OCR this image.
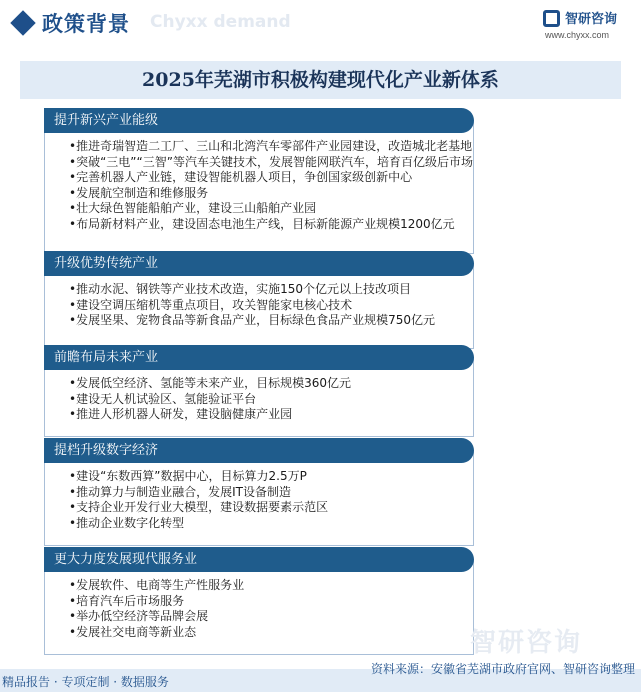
政策背景 Chyxx demand	智研咨询
www.chyxx.com
2025年芜湖市积极构建现代化产业新体系
提升新兴产业能级
•推进奇瑞智造二工厂、三山和北湾汽车零部件产业园建设，改造城北老基地
•突破“三电”“三智”等汽车关键技术，发展智能网联汽车，培育百亿级后市场
•完善机器人产业链，建设智能机器人项目，争创国家级创新中心
•发展航空制造和维修服务
•壮大绿色智能船舶产业，建设三山船舶产业园
•布局新材料产业，建设固态电池生产线，目标新能源产业规模1200亿元
升级优势传统产业
•推动水泥、钢铁等产业技术改造，实施150个亿元以上技改项目
•建设空调压缩机等重点项目，攻关智能家电核心技术
•发展坚果、宠物食品等新食品产业，目标绿色食品产业规模750亿元
前瞻布局未来产业
•发展低空经济、氢能等未来产业，目标规模360亿元
•建设无人机试验区、氢能验证平台
•推进人形机器人研发，建设脑健康产业园
提档升级数字经济
•建设“东数西算”数据中心，目标算力2.5万P
•推动算力与制造业融合，发展IT设备制造
•支持企业开发行业大模型，建设数据要素示范区
•推动企业数字化转型
更大力度发展现代服务业
•发展软件、电商等生产性服务业
•培育汽车后市场服务
•举办低空经济等品牌会展
•发展社交电商等新业态	智研咨询
精品报告 · 专项定制 · 数据服务
资料来源：安徽省芜湖市政府官网、智研咨询整理
